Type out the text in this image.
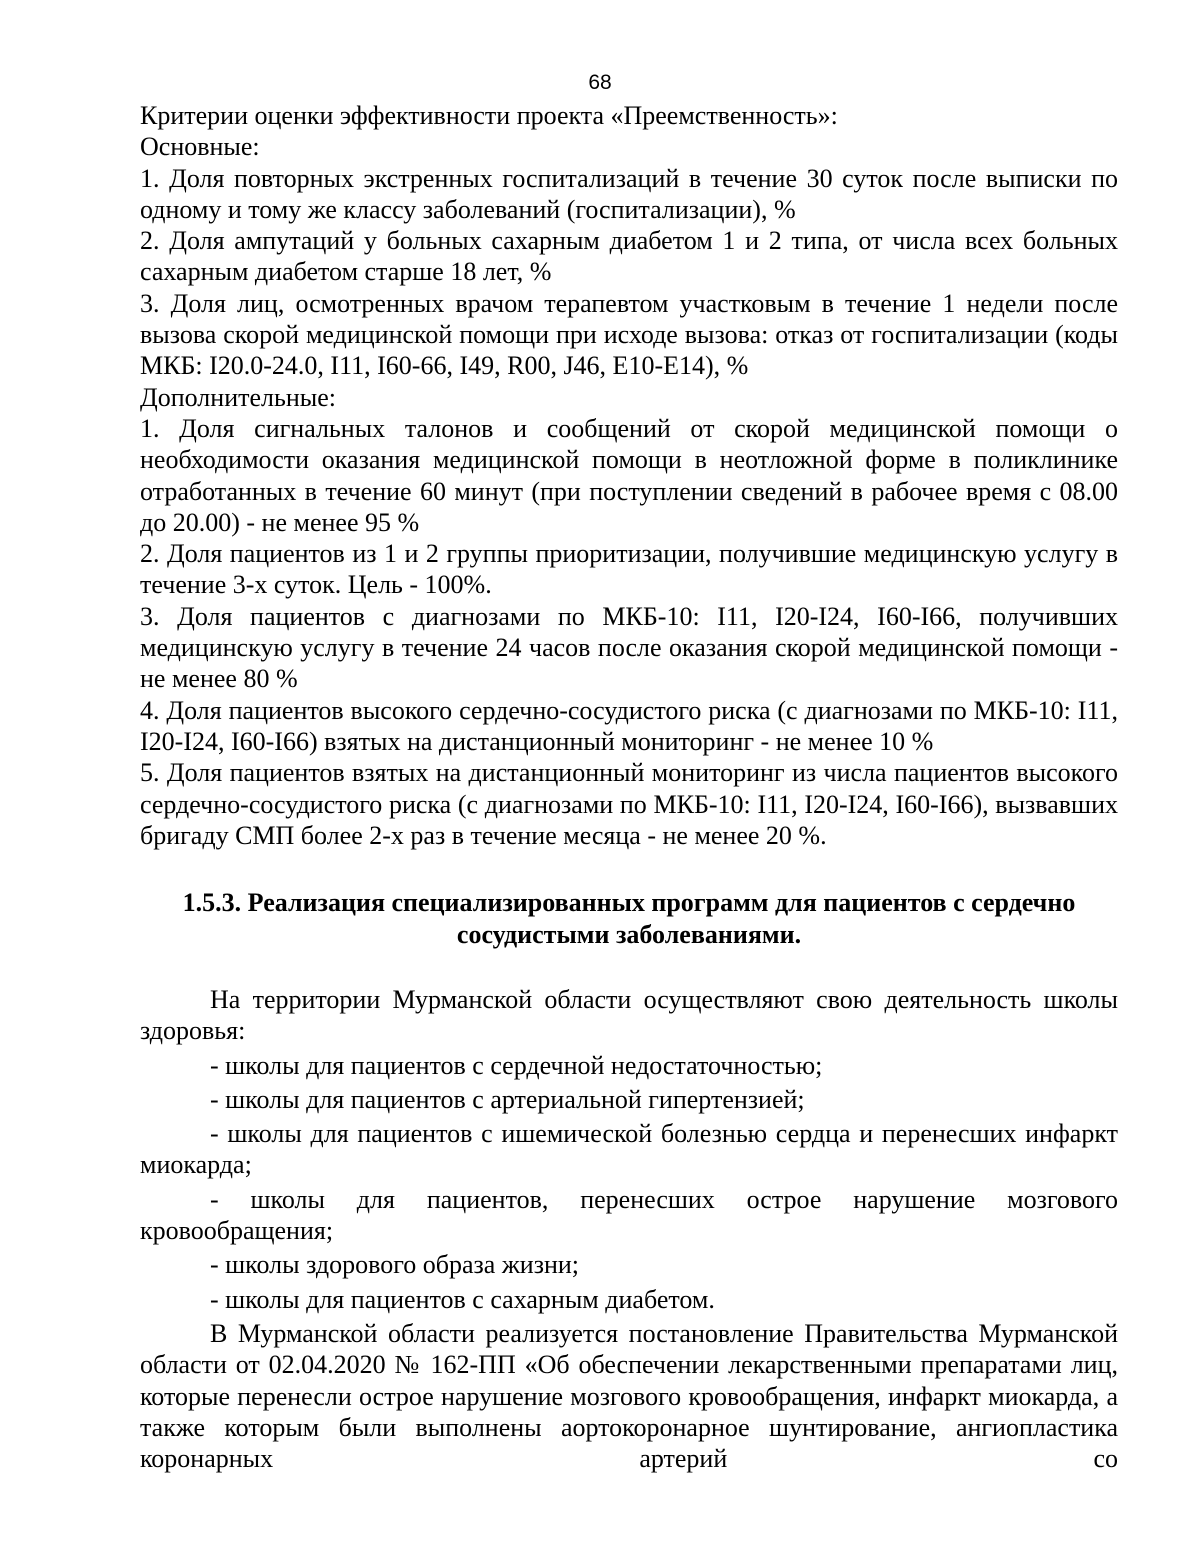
68

Критерии оценки эффективности проекта «Преемственность»:

Основные:

1. Доля повторных экстренных госпитализаций в течение 30 суток после выписки по одному и тому же классу заболеваний (госпитализации), %

2. Доля ампутаций у больных сахарным диабетом 1 и 2 типа, от числа всех больных сахарным диабетом старше 18 лет, %

3. Доля лиц, осмотренных врачом терапевтом участковым в течение 1 недели после вызова скорой медицинской помощи при исходе вызова: отказ от госпитализации (коды МКБ: I20.0-24.0, I11, I60-66, I49, R00, J46, E10-E14), %

Дополнительные:

1. Доля сигнальных талонов и сообщений от скорой медицинской помощи о необходимости оказания медицинской помощи в неотложной форме в поликлинике отработанных в течение 60 минут (при поступлении сведений в рабочее время с 08.00 до 20.00) - не менее 95 %

2. Доля пациентов из 1 и 2 группы приоритизации, получившие медицинскую услугу в течение 3-х суток. Цель - 100%.

3. Доля пациентов с диагнозами по МКБ-10: I11, I20-I24, I60-I66, получивших медицинскую услугу в течение 24 часов после оказания скорой медицинской помощи - не менее 80 %

4. Доля пациентов высокого сердечно-сосудистого риска (с диагнозами по МКБ-10: I11, I20-I24, I60-I66) взятых на дистанционный мониторинг - не менее 10 %

5. Доля пациентов взятых на дистанционный мониторинг из числа пациентов высокого сердечно-сосудистого риска (с диагнозами по МКБ-10: I11, I20-I24, I60-I66), вызвавших бригаду СМП более 2-х раз в течение месяца - не менее 20 %.

1.5.3. Реализация специализированных программ для пациентов с сердечно
сосудистыми заболеваниями.

На территории Мурманской области осуществляют свою деятельность школы здоровья:

- школы для пациентов с сердечной недостаточностью;

- школы для пациентов с артериальной гипертензией;

- школы для пациентов с ишемической болезнью сердца и перенесших инфаркт миокарда;

- школы для пациентов, перенесших острое нарушение мозгового кровообращения;

- школы здорового образа жизни;

- школы для пациентов с сахарным диабетом.

В Мурманской области реализуется постановление Правительства Мурманской области от 02.04.2020 № 162-ПП «Об обеспечении лекарственными препаратами лиц, которые перенесли острое нарушение мозгового кровообращения, инфаркт миокарда, а также которым были выполнены аортокоронарное шунтирование, ангиопластика коронарных артерий со
